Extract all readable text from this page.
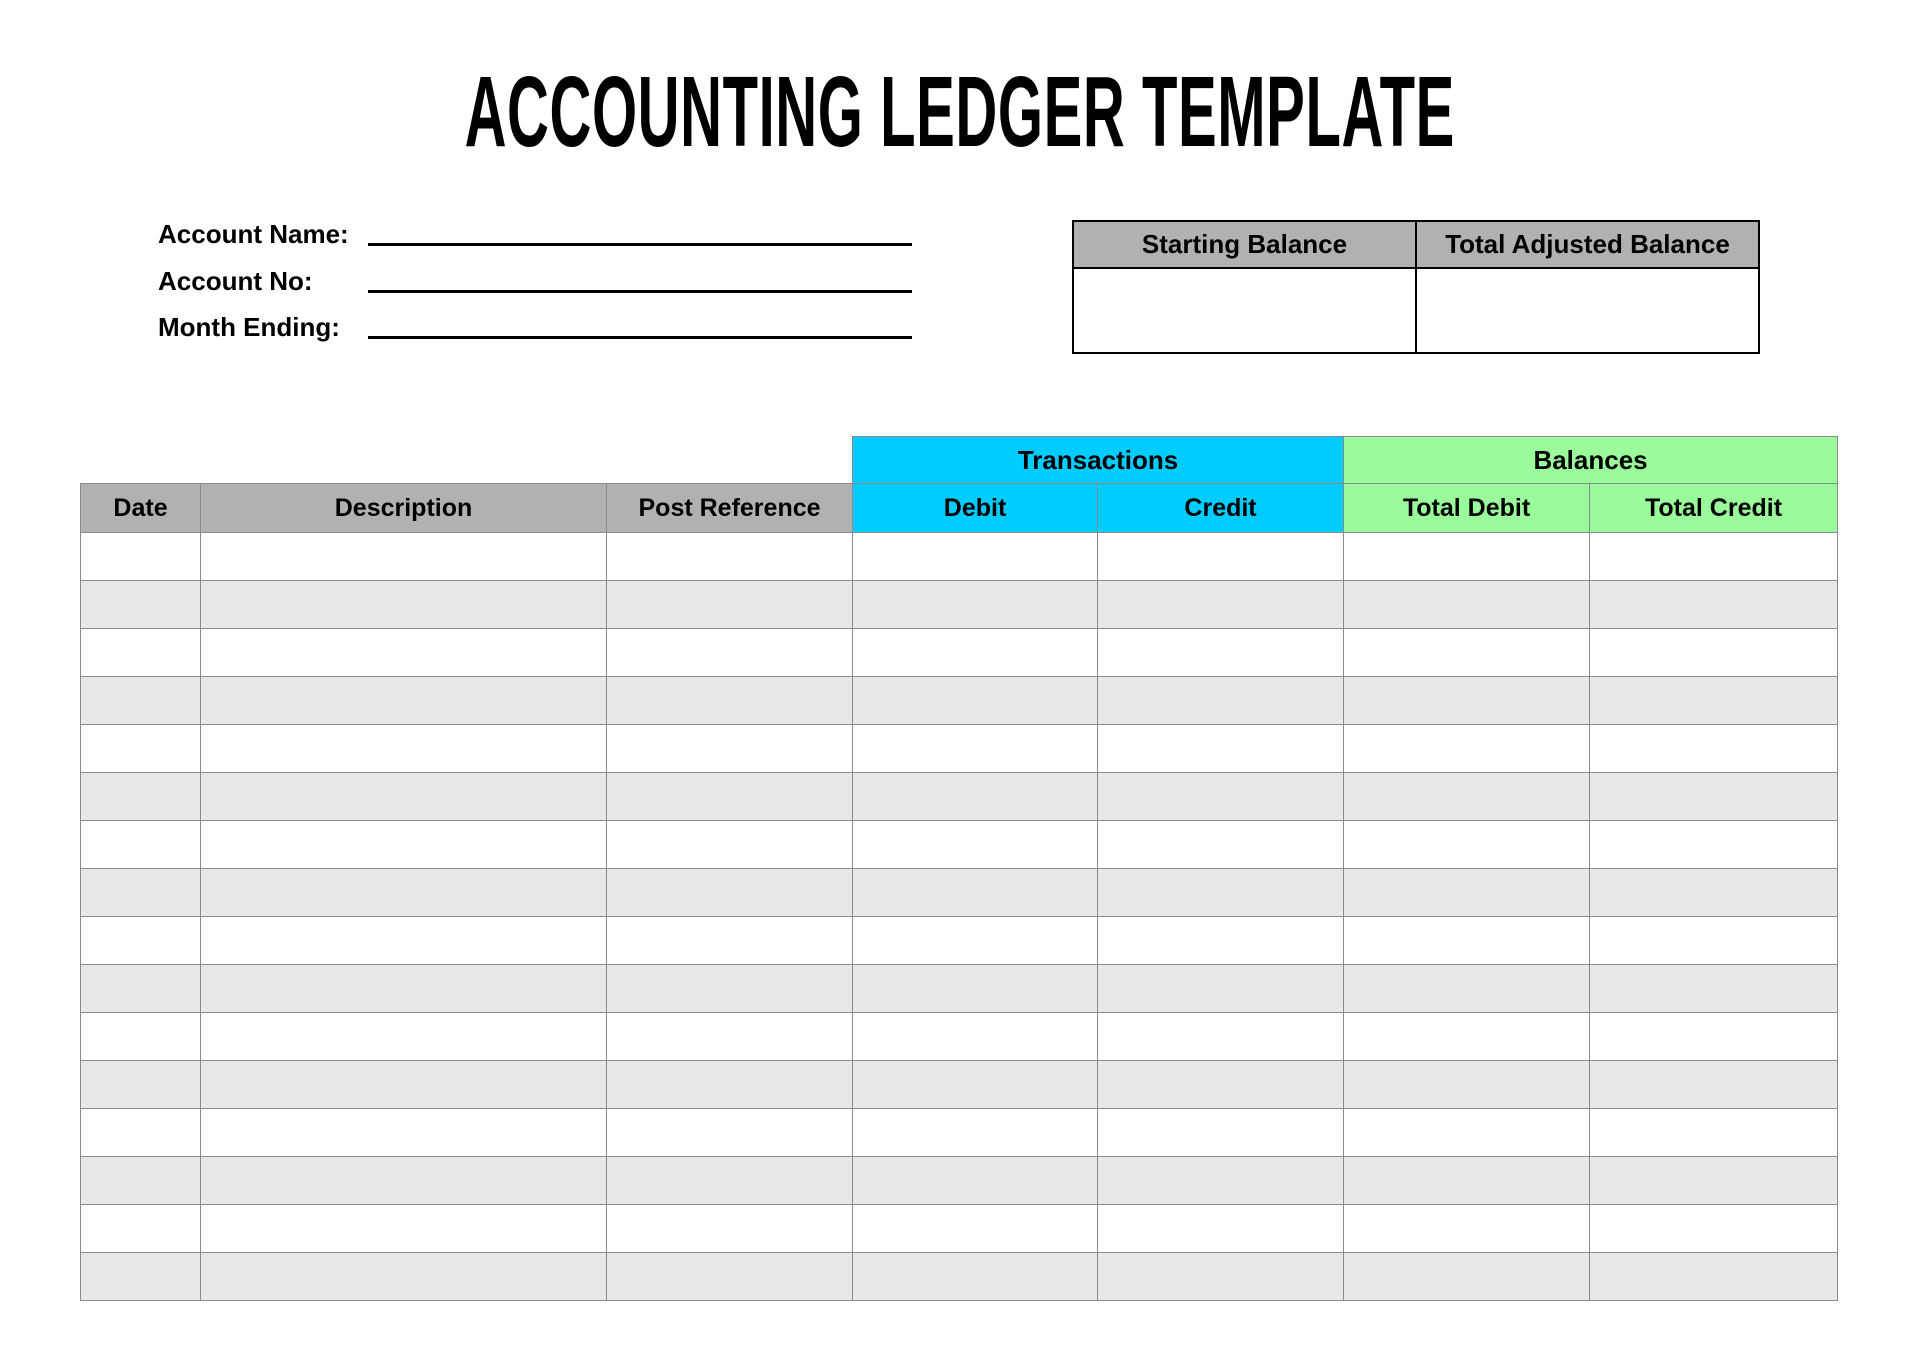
ACCOUNTING LEDGER TEMPLATE
Account Name:
Account No:
Month Ending:
Starting Balance	Total Adjusted Balance

			Transactions		Balances	
Date	Description	Post Reference	Debit	Credit	Total Debit	Total Credit
